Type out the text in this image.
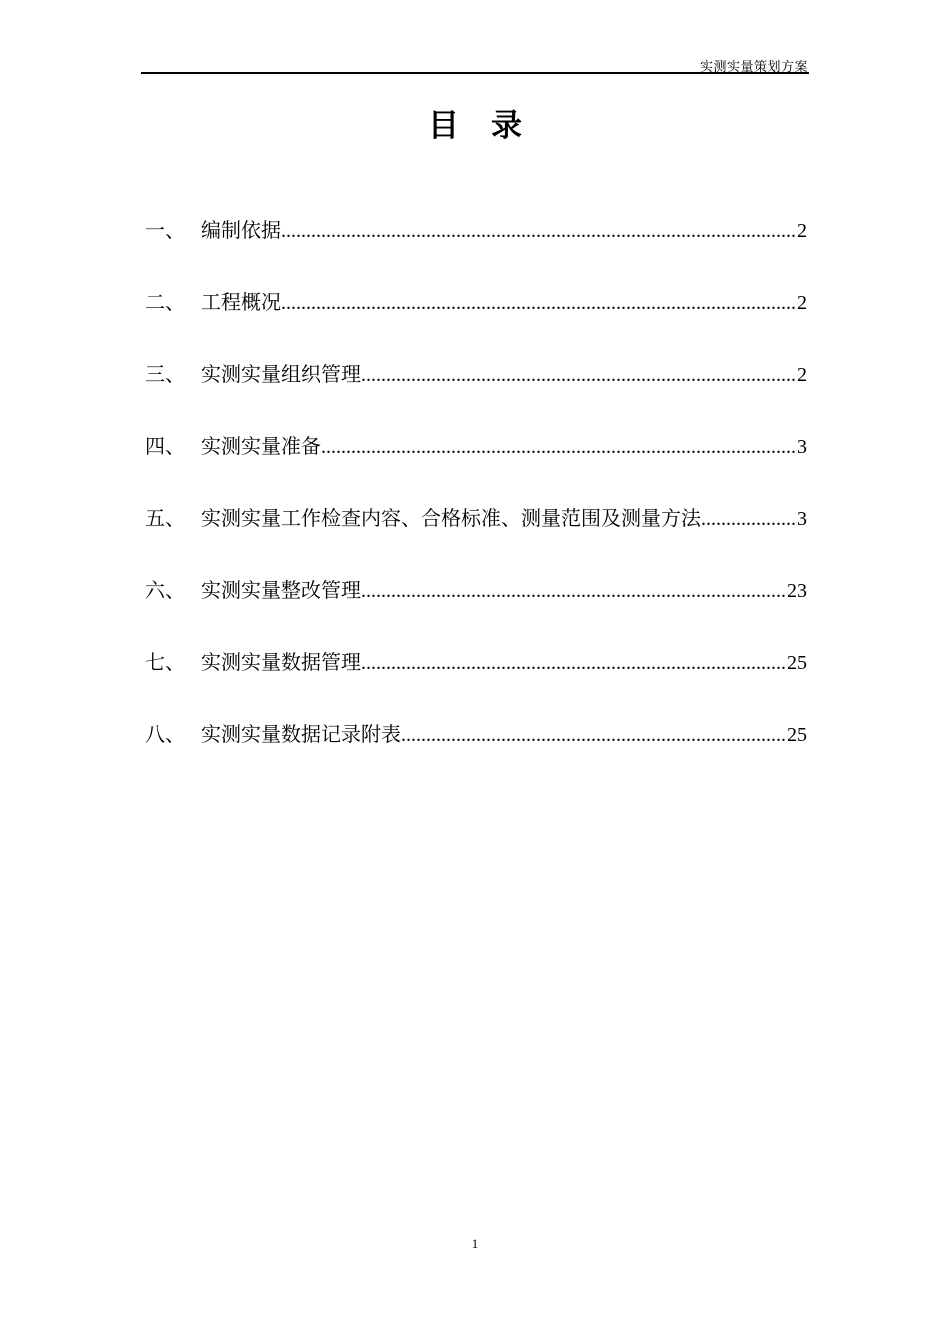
实测实量策划方案
目录
一、 编制依据 .....	2
二、 工程概况 .....	2
三、 实测实量组织管理 .....	2
四、 实测实量准备 .....	3
五、 实测实量工作检查内容、合格标准、测量范围及测量方法 .....	3
六、 实测实量整改管理 .....	23
七、 实测实量数据管理 .....	25
八、 实测实量数据记录附表 .....	25
1
